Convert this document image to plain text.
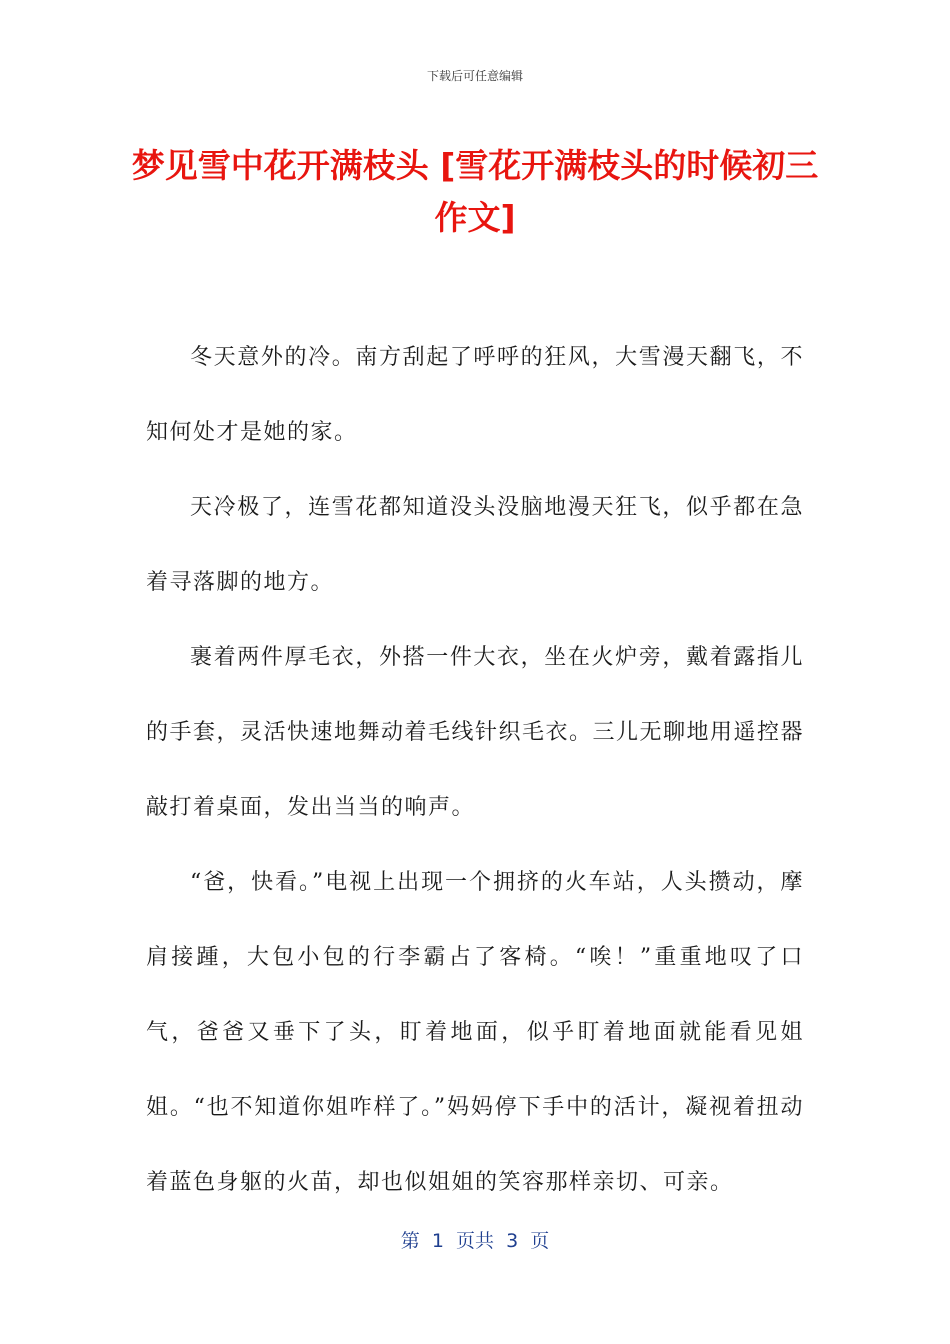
下载后可任意编辑
梦见雪中花开满枝头 [雪花开满枝头的时候初三作文]

冬天意外的冷。南方刮起了呼呼的狂风，大雪漫天翻飞，不知何处才是她的家。

天冷极了，连雪花都知道没头没脑地漫天狂飞，似乎都在急着寻落脚的地方。

裹着两件厚毛衣，外搭一件大衣，坐在火炉旁，戴着露指儿的手套，灵活快速地舞动着毛线针织毛衣。三儿无聊地用遥控器敲打着桌面，发出当当的响声。

“爸，快看。”电视上出现一个拥挤的火车站，人头攒动，摩肩接踵，大包小包的行李霸占了客椅。“唉！”重重地叹了口气，爸爸又垂下了头，盯着地面，似乎盯着地面就能看见姐姐。“也不知道你姐咋样了。”妈妈停下手中的活计，凝视着扭动着蓝色身躯的火苗，却也似姐姐的笑容那样亲切、可亲。

第  1  页共  3  页
